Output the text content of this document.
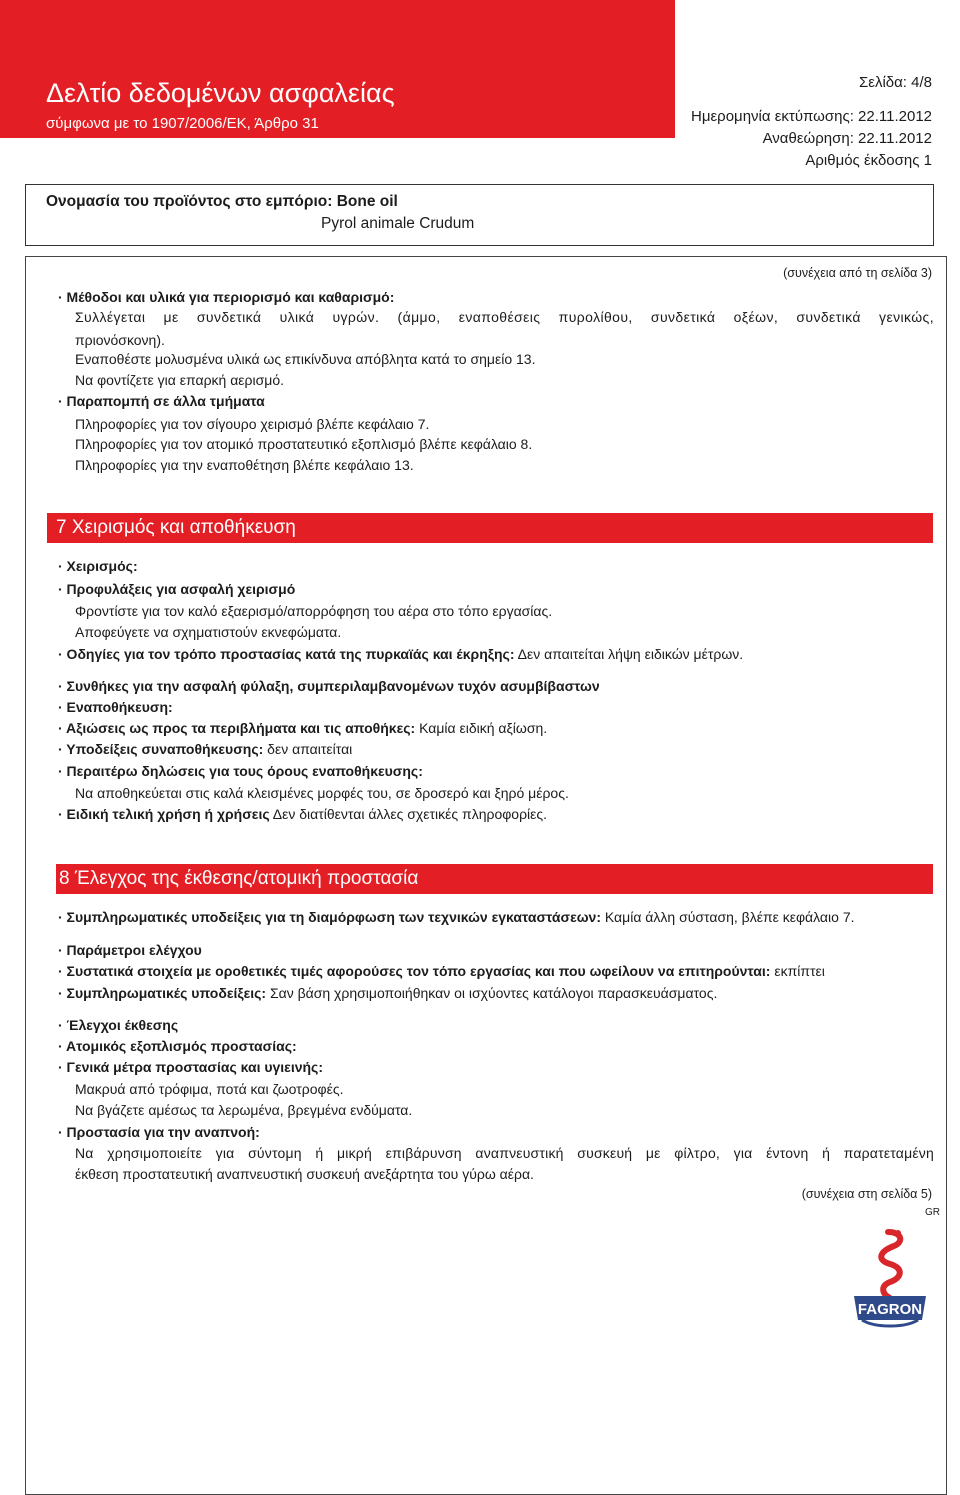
Δελτίο δεδομένων ασφαλείας
σύμφωνα με το 1907/2006/ΕΚ, Άρθρο 31
Σελίδα: 4/8
Ημερομηνία εκτύπωσης: 22.11.2012
Αναθεώρηση: 22.11.2012
Αριθμός έκδοσης 1
Ονομασία του προϊόντος στο εμπόριο: Bone oil
Pyrol animale Crudum
(συνέχεια από τη σελίδα 3)
· Μέθοδοι και υλικά για περιορισμό και καθαρισμό:
Συλλέγεται με συνδετικά υλικά υγρών. (άμμο, εναποθέσεις πυρολίθου, συνδετικά οξέων, συνδετικά γενικώς,
πριονόσκονη).
Εναποθέστε μολυσμένα υλικά ως επικίνδυνα απόβλητα κατά το σημείο 13.
Να φοντίζετε για επαρκή αερισμό.
· Παραπομπή σε άλλα τμήματα
Πληροφορίες για τον σίγουρο χειρισμό βλέπε κεφάλαιο 7.
Πληροφορίες για τον ατομικό προστατευτικό εξοπλισμό βλέπε κεφάλαιο 8.
Πληροφορίες για την εναποθέτηση βλέπε κεφάλαιο 13.
7 Χειρισμός και αποθήκευση
· Χειρισμός:
· Προφυλάξεις για ασφαλή χειρισμό
Φροντίστε για τον καλό εξαερισμό/απορρόφηση του αέρα στο τόπο εργασίας.
Αποφεύγετε να σχηματιστούν εκνεφώματα.
· Οδηγίες για τον τρόπο προστασίας κατά της πυρκαϊάς και έκρηξης: Δεν απαιτείται λήψη ειδικών μέτρων.
· Συνθήκες για την ασφαλή φύλαξη, συμπεριλαμβανομένων τυχόν ασυμβίβαστων
· Εναποθήκευση:
· Αξιώσεις ως προς τα περιβλήματα και τις αποθήκες: Καμία ειδική αξίωση.
· Υποδείξεις συναποθήκευσης: δεν απαιτείται
· Περαιτέρω δηλώσεις για τους όρους εναποθήκευσης:
Να αποθηκεύεται στις καλά κλεισμένες μορφές του, σε δροσερό και ξηρό μέρος.
· Ειδική τελική χρήση ή χρήσεις Δεν διατίθενται άλλες σχετικές πληροφορίες.
8 Έλεγχος της έκθεσης/ατομική προστασία
· Συμπληρωματικές υποδείξεις για τη διαμόρφωση των τεχνικών εγκαταστάσεων: Καμία άλλη σύσταση, βλέπε κεφάλαιο 7.
· Παράμετροι ελέγχου
· Συστατικά στοιχεία με οροθετικές τιμές αφορούσες τον τόπο εργασίας και που ωφείλουν να επιτηρούνται: εκπίπτει
· Συμπληρωματικές υποδείξεις: Σαν βάση χρησιμοποιήθηκαν οι ισχύοντες κατάλογοι παρασκευάσματος.
· Έλεγχοι έκθεσης
· Ατομικός εξοπλισμός προστασίας:
· Γενικά μέτρα προστασίας και υγιεινής:
Μακρυά από τρόφιμα, ποτά και ζωοτροφές.
Να βγάζετε αμέσως τα λερωμένα, βρεγμένα ενδύματα.
· Προστασία για την αναπνοή:
Να χρησιμοποιείτε για σύντομη ή μικρή επιβάρυνση αναπνευστική συσκευή με φίλτρο, για έντονη ή παρατεταμένη
έκθεση προστατευτική αναπνευστική συσκευή ανεξάρτητα του γύρω αέρα.
(συνέχεια στη σελίδα 5)
GR
FAGRON
